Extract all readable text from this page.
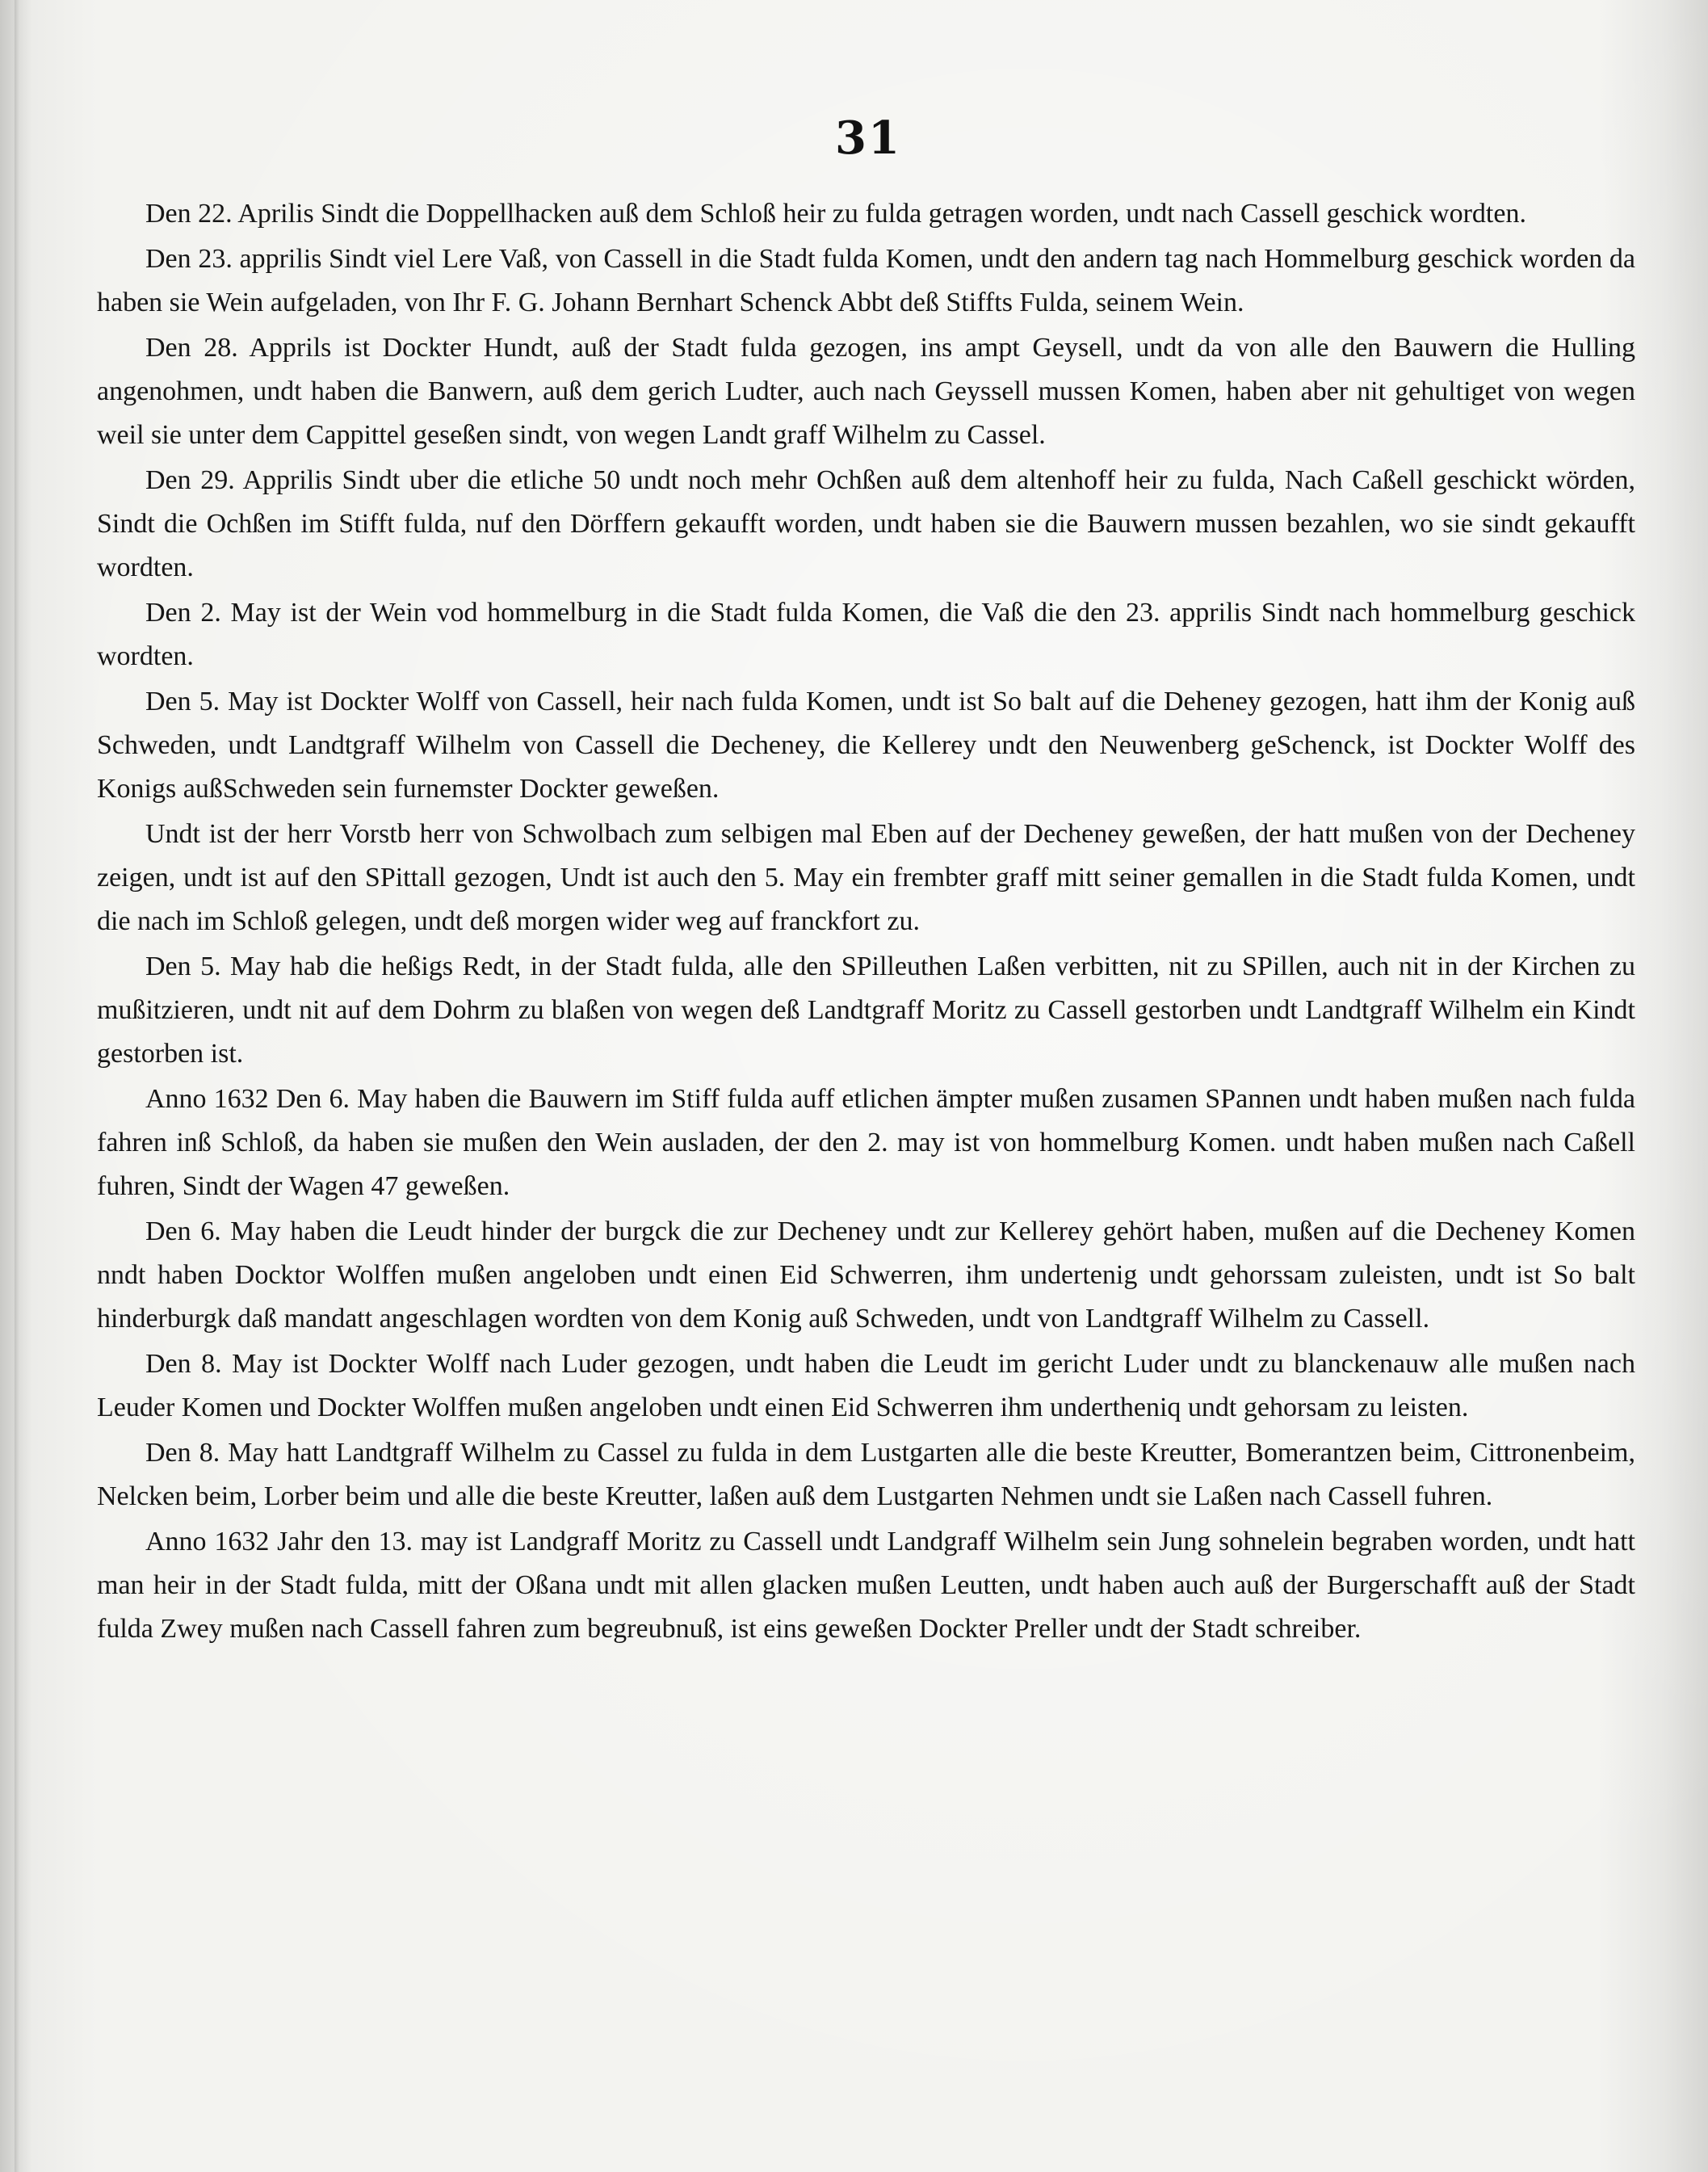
31

Den 22. Aprilis Sindt die Doppellhacken auß dem Schloß heir zu fulda getragen worden, undt nach Cassell geschick wordten.

Den 23. apprilis Sindt viel Lere Vaß, von Cassell in die Stadt fulda Komen, undt den andern tag nach Hommelburg geschick worden da haben sie Wein aufgeladen, von Ihr F. G. Johann Bernhart Schenck Abbt deß Stiffts Fulda, seinem Wein.

Den 28. Apprils ist Dockter Hundt, auß der Stadt fulda gezogen, ins ampt Geysell, undt da von alle den Bauwern die Hulling angenohmen, undt haben die Banwern, auß dem gerich Ludter, auch nach Geyssell mussen Komen, haben aber nit gehultiget von wegen weil sie unter dem Cappittel geseßen sindt, von wegen Landt graff Wilhelm zu Cassel.

Den 29. Apprilis Sindt uber die etliche 50 undt noch mehr Ochßen auß dem altenhoff heir zu fulda, Nach Caßell geschickt wörden, Sindt die Ochßen im Stifft fulda, nuf den Dörffern gekaufft worden, undt haben sie die Bauwern mussen bezahlen, wo sie sindt gekaufft wordten.

Den 2. May ist der Wein vod hommelburg in die Stadt fulda Komen, die Vaß die den 23. apprilis Sindt nach hommelburg geschick wordten.

Den 5. May ist Dockter Wolff von Cassell, heir nach fulda Komen, undt ist So balt auf die Deheney gezogen, hatt ihm der Konig auß Schweden, undt Landtgraff Wilhelm von Cassell die Decheney, die Kellerey undt den Neuwenberg geSchenck, ist Dockter Wolff des Konigs außSchweden sein furnemster Dockter geweßen.

Undt ist der herr Vorstb herr von Schwolbach zum selbigen mal Eben auf der Decheney geweßen, der hatt mußen von der Decheney zeigen, undt ist auf den SPittall gezogen, Undt ist auch den 5. May ein frembter graff mitt seiner gemallen in die Stadt fulda Komen, undt die nach im Schloß gelegen, undt deß morgen wider weg auf franckfort zu.

Den 5. May hab die heßigs Redt, in der Stadt fulda, alle den SPilleuthen Laßen verbitten, nit zu SPillen, auch nit in der Kirchen zu mußitzieren, undt nit auf dem Dohrm zu blaßen von wegen deß Landtgraff Moritz zu Cassell gestorben undt Landtgraff Wilhelm ein Kindt gestorben ist.

Anno 1632 Den 6. May haben die Bauwern im Stiff fulda auff etlichen ämpter mußen zusamen SPannen undt haben mußen nach fulda fahren inß Schloß, da haben sie mußen den Wein ausladen, der den 2. may ist von hommelburg Komen. undt haben mußen nach Caßell fuhren, Sindt der Wagen 47 geweßen.

Den 6. May haben die Leudt hinder der burgck die zur Decheney undt zur Kellerey gehört haben, mußen auf die Decheney Komen nndt haben Docktor Wolffen mußen angeloben undt einen Eid Schwerren, ihm undertenig undt gehorssam zuleisten, undt ist So balt hinderburgk daß mandatt angeschlagen wordten von dem Konig auß Schweden, undt von Landtgraff Wilhelm zu Cassell.

Den 8. May ist Dockter Wolff nach Luder gezogen, undt haben die Leudt im gericht Luder undt zu blanckenauw alle mußen nach Leuder Komen und Dockter Wolffen mußen angeloben undt einen Eid Schwerren ihm undertheniq undt gehorsam zu leisten.

Den 8. May hatt Landtgraff Wilhelm zu Cassel zu fulda in dem Lustgarten alle die beste Kreutter, Bomerantzen beim, Cittronenbeim, Nelcken beim, Lorber beim und alle die beste Kreutter, laßen auß dem Lustgarten Nehmen undt sie Laßen nach Cassell fuhren.

Anno 1632 Jahr den 13. may ist Landgraff Moritz zu Cassell undt Landgraff Wilhelm sein Jung sohnelein begraben worden, undt hatt man heir in der Stadt fulda, mitt der Oßana undt mit allen glacken mußen Leutten, undt haben auch auß der Burgerschafft auß der Stadt fulda Zwey mußen nach Cassell fahren zum begreubnuß, ist eins geweßen Dockter Preller undt der Stadt schreiber.
